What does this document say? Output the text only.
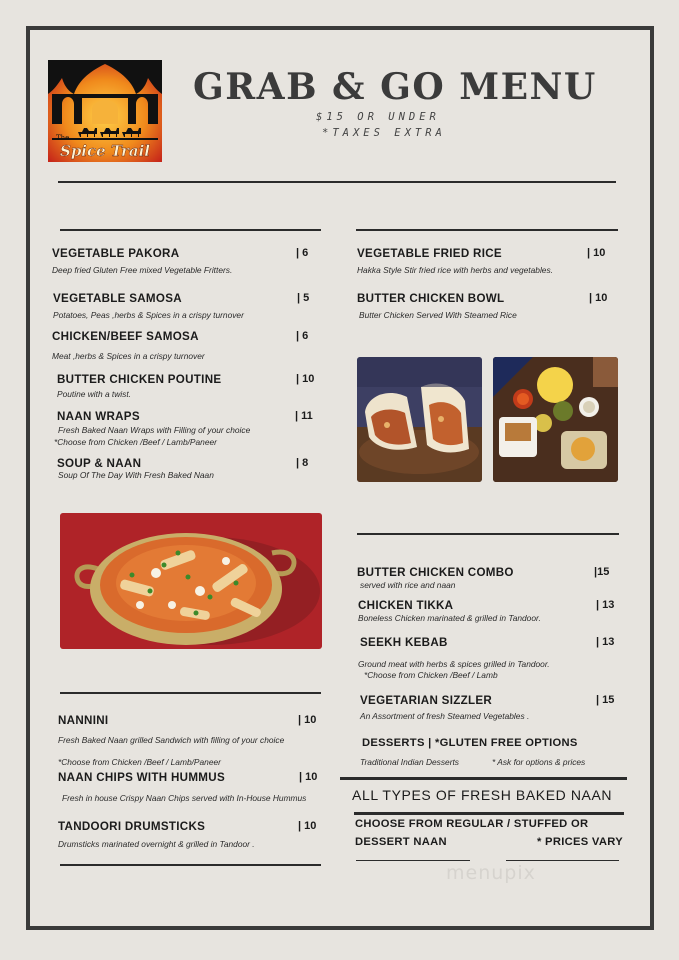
The
Spice Trail
GRAB & GO MENU
$15 OR UNDER
*TAXES EXTRA
VEGETABLE PAKORA	| 6
Deep fried Gluten Free mixed Vegetable Fritters.
VEGETABLE SAMOSA	| 5
Potatoes, Peas ,herbs & Spices in a crispy turnover
CHICKEN/BEEF SAMOSA	| 6
Meat ,herbs & Spices in a crispy turnover
BUTTER CHICKEN POUTINE	| 10
Poutine with a twist.
NAAN WRAPS	| 11
Fresh Baked Naan Wraps with Filling of your choice
*Choose from Chicken /Beef / Lamb/Paneer
SOUP & NAAN	| 8
Soup Of The Day With Fresh Baked Naan
VEGETABLE FRIED RICE	| 10
Hakka Style Stir fried rice with herbs and vegetables.
BUTTER CHICKEN BOWL	| 10
Butter Chicken Served With Steamed Rice
BUTTER CHICKEN COMBO	|15
served with rice and naan
CHICKEN TIKKA	| 13
Boneless Chicken marinated & grilled in Tandoor.
SEEKH KEBAB	| 13
Ground meat with herbs & spices grilled in Tandoor.
*Choose from Chicken /Beef / Lamb
VEGETARIAN SIZZLER	| 15
An Assortment of fresh Steamed Vegetables .
DESSERTS | *GLUTEN FREE OPTIONS
Traditional Indian Desserts	* Ask for options & prices
ALL TYPES OF FRESH BAKED NAAN
CHOOSE FROM REGULAR / STUFFED OR
DESSERT NAAN	* PRICES VARY
NANNINI	| 10
Fresh Baked Naan grilled Sandwich with filling of your choice
*Choose from Chicken /Beef / Lamb/Paneer
NAAN CHIPS WITH HUMMUS	| 10
Fresh in house Crispy Naan Chips served with In-House Hummus
TANDOORI DRUMSTICKS	| 10
Drumsticks marinated overnight & grilled in Tandoor .
menupix
